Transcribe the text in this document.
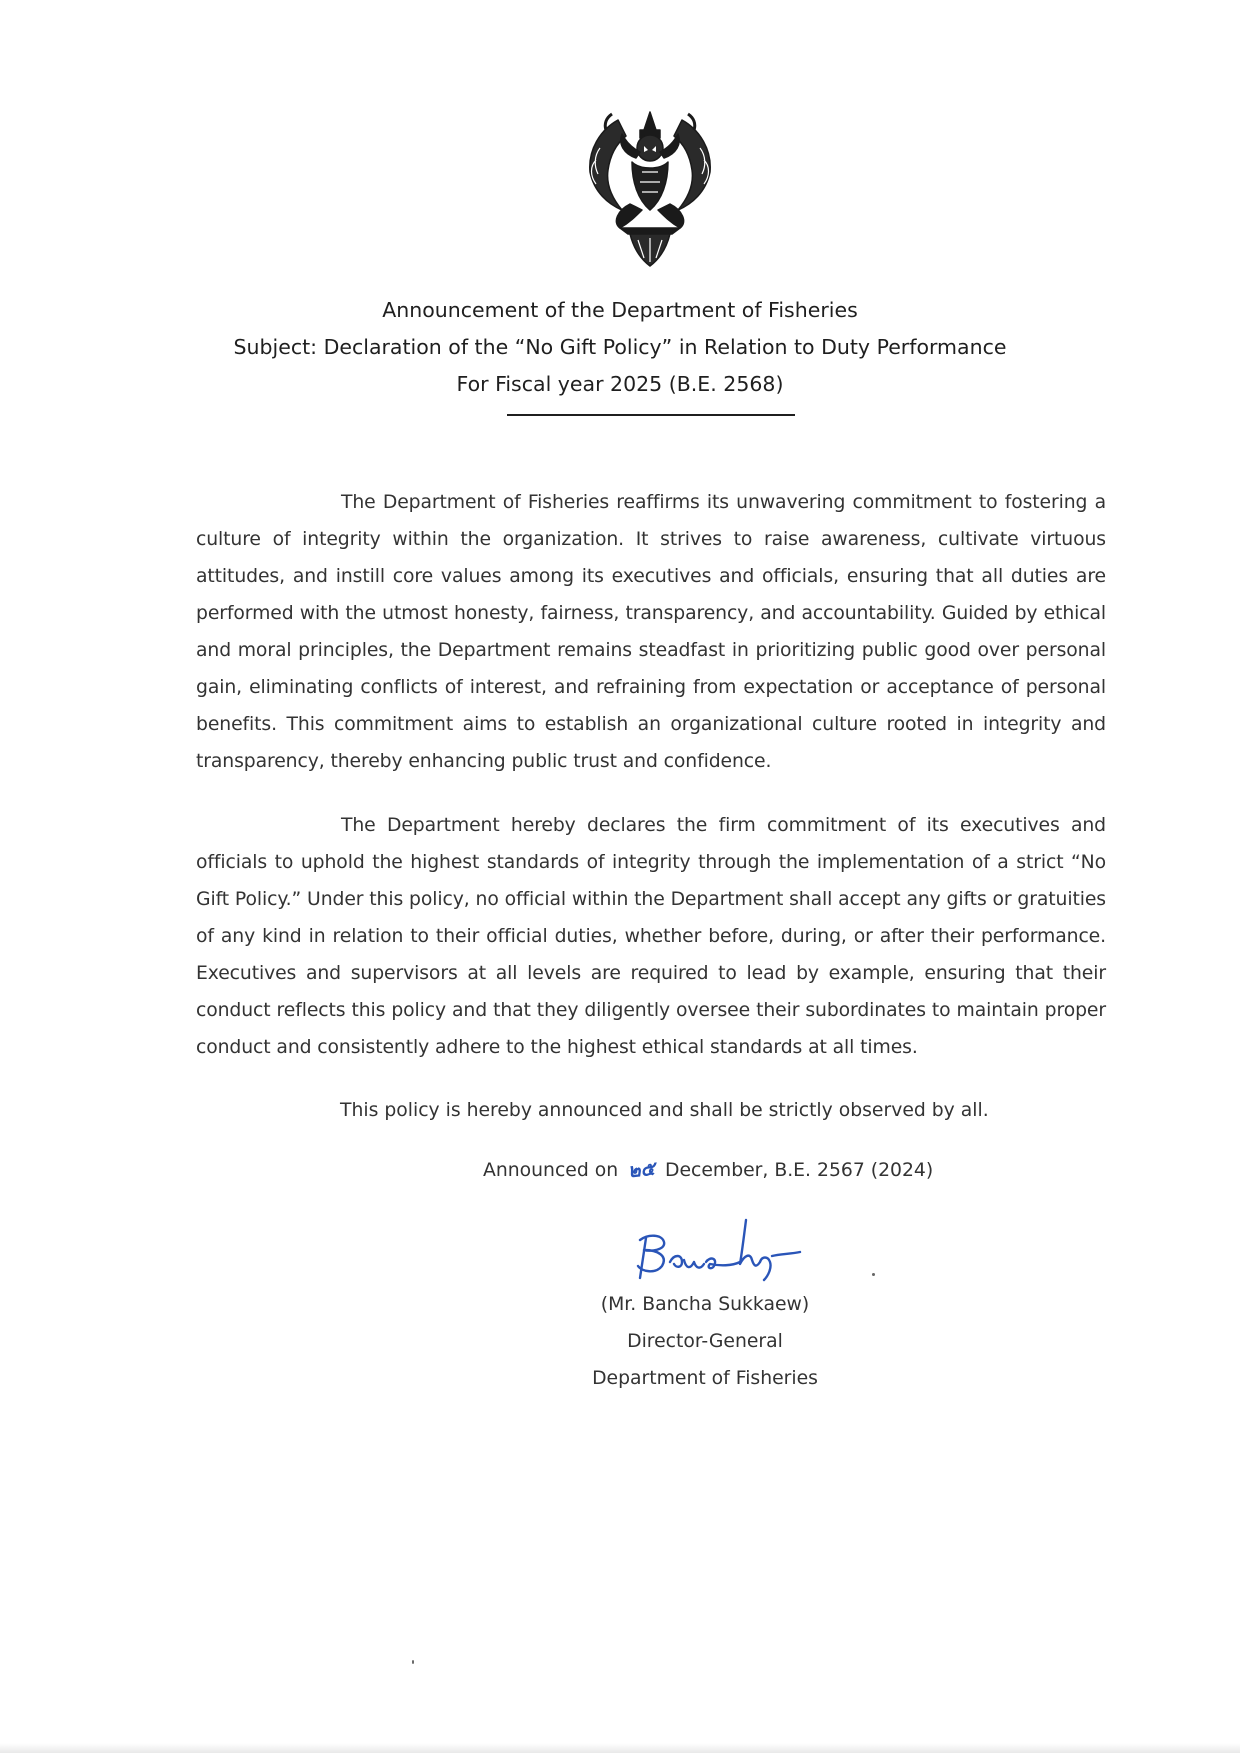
Announcement of the Department of Fisheries
Subject: Declaration of the “No Gift Policy” in Relation to Duty Performance
For Fiscal year 2025 (B.E. 2568)

The Department of Fisheries reaffirms its unwavering commitment to fostering a culture of integrity within the organization. It strives to raise awareness, cultivate virtuous attitudes, and instill core values among its executives and officials, ensuring that all duties are performed with the utmost honesty, fairness, transparency, and accountability. Guided by ethical and moral principles, the Department remains steadfast in prioritizing public good over personal gain, eliminating conflicts of interest, and refraining from expectation or acceptance of personal benefits. This commitment aims to establish an organizational culture rooted in integrity and transparency, thereby enhancing public trust and confidence.

The Department hereby declares the firm commitment of its executives and officials to uphold the highest standards of integrity through the implementation of a strict “No Gift Policy.” Under this policy, no official within the Department shall accept any gifts or gratuities of any kind in relation to their official duties, whether before, during, or after their performance. Executives and supervisors at all levels are required to lead by example, ensuring that their conduct reflects this policy and that they diligently oversee their subordinates to maintain proper conduct and consistently adhere to the highest ethical standards at all times.

This policy is hereby announced and shall be strictly observed by all.
Announced on ๒๕ December, B.E. 2567 (2024)
(Mr. Bancha Sukkaew)
Director-General
Department of Fisheries
